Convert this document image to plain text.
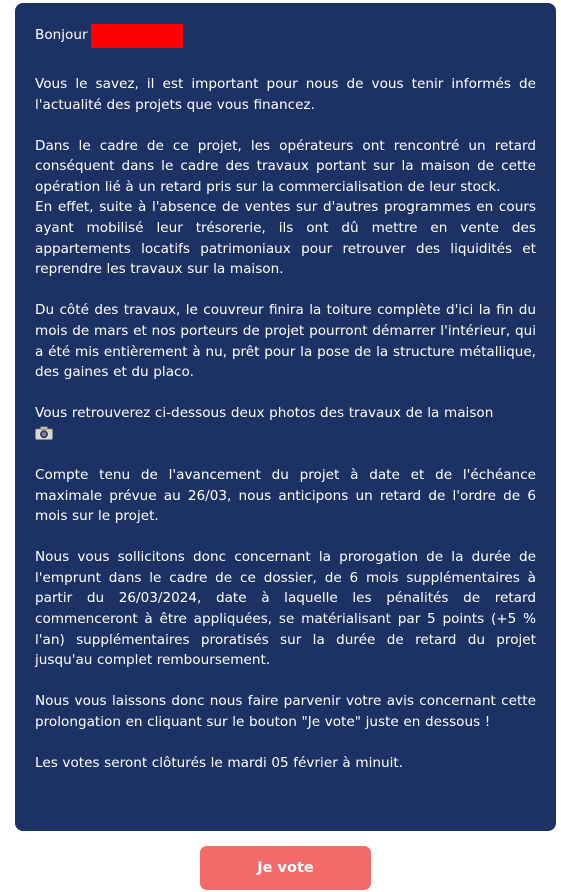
Bonjour

Vous le savez, il est important pour nous de vous tenir informés de l'actualité des projets que vous financez.

Dans le cadre de ce projet, les opérateurs ont rencontré un retard conséquent dans le cadre des travaux portant sur la maison de cette opération lié à un retard pris sur la commercialisation de leur stock.

En effet, suite à l'absence de ventes sur d'autres programmes en cours ayant mobilisé leur trésorerie, ils ont dû mettre en vente des appartements locatifs patrimoniaux pour retrouver des liquidités et reprendre les travaux sur la maison.

Du côté des travaux, le couvreur finira la toiture complète d'ici la fin du mois de mars et nos porteurs de projet pourront démarrer l'intérieur, qui a été mis entièrement à nu, prêt pour la pose de la structure métallique, des gaines et du placo.

Vous retrouverez ci-dessous deux photos des travaux de la maison

Compte tenu de l'avancement du projet à date et de l'échéance maximale prévue au 26/03, nous anticipons un retard de l'ordre de 6 mois sur le projet.

Nous vous sollicitons donc concernant la prorogation de la durée de l'emprunt dans le cadre de ce dossier, de 6 mois supplémentaires à partir du 26/03/2024, date à laquelle les pénalités de retard commenceront à être appliquées, se matérialisant par 5 points (+5 % l'an) supplémentaires proratisés sur la durée de retard du projet jusqu'au complet remboursement.

Nous vous laissons donc nous faire parvenir votre avis concernant cette prolongation en cliquant sur le bouton "Je vote" juste en dessous !

Les votes seront clôturés le mardi 05 février à minuit.

Je vote
